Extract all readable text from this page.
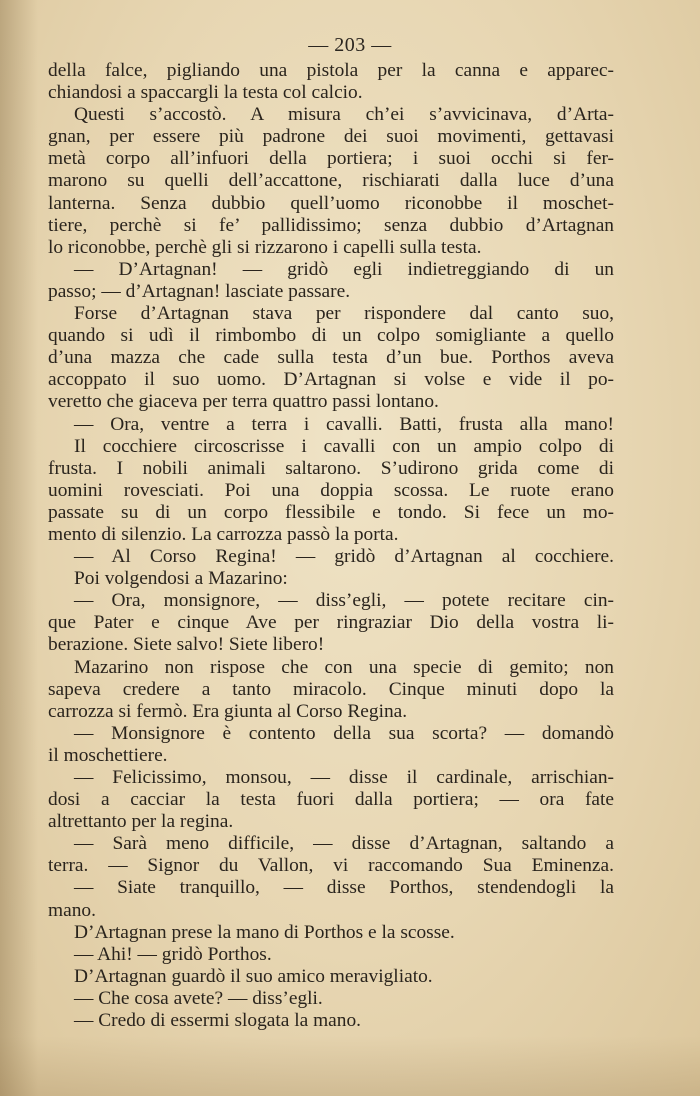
— 203 —
della falce, pigliando una pistola per la canna e apparec-
chiandosi a spaccargli la testa col calcio.
Questi s’accostò. A misura ch’ei s’avvicinava, d’Arta-
gnan, per essere più padrone dei suoi movimenti, gettavasi
metà corpo all’infuori della portiera; i suoi occhi si fer-
marono su quelli dell’accattone, rischiarati dalla luce d’una
lanterna. Senza dubbio quell’uomo riconobbe il moschet-
tiere, perchè si fe’ pallidissimo; senza dubbio d’Artagnan
lo riconobbe, perchè gli si rizzarono i capelli sulla testa.
— D’Artagnan! — gridò egli indietreggiando di un
passo; — d’Artagnan! lasciate passare.
Forse d’Artagnan stava per rispondere dal canto suo,
quando si udì il rimbombo di un colpo somigliante a quello
d’una mazza che cade sulla testa d’un bue. Porthos aveva
accoppato il suo uomo. D’Artagnan si volse e vide il po-
veretto che giaceva per terra quattro passi lontano.
— Ora, ventre a terra i cavalli. Batti, frusta alla mano!
Il cocchiere circoscrisse i cavalli con un ampio colpo di
frusta. I nobili animali saltarono. S’udirono grida come di
uomini rovesciati. Poi una doppia scossa. Le ruote erano
passate su di un corpo flessibile e tondo. Si fece un mo-
mento di silenzio. La carrozza passò la porta.
— Al Corso Regina! — gridò d’Artagnan al cocchiere.
Poi volgendosi a Mazarino:
— Ora, monsignore, — diss’egli, — potete recitare cin-
que Pater e cinque Ave per ringraziar Dio della vostra li-
berazione. Siete salvo! Siete libero!
Mazarino non rispose che con una specie di gemito; non
sapeva credere a tanto miracolo. Cinque minuti dopo la
carrozza si fermò. Era giunta al Corso Regina.
— Monsignore è contento della sua scorta? — domandò
il moschettiere.
— Felicissimo, monsou, — disse il cardinale, arrischian-
dosi a cacciar la testa fuori dalla portiera; — ora fate
altrettanto per la regina.
— Sarà meno difficile, — disse d’Artagnan, saltando a
terra. — Signor du Vallon, vi raccomando Sua Eminenza.
— Siate tranquillo, — disse Porthos, stendendogli la
mano.
D’Artagnan prese la mano di Porthos e la scosse.
— Ahi! — gridò Porthos.
D’Artagnan guardò il suo amico meravigliato.
— Che cosa avete? — diss’egli.
— Credo di essermi slogata la mano.
